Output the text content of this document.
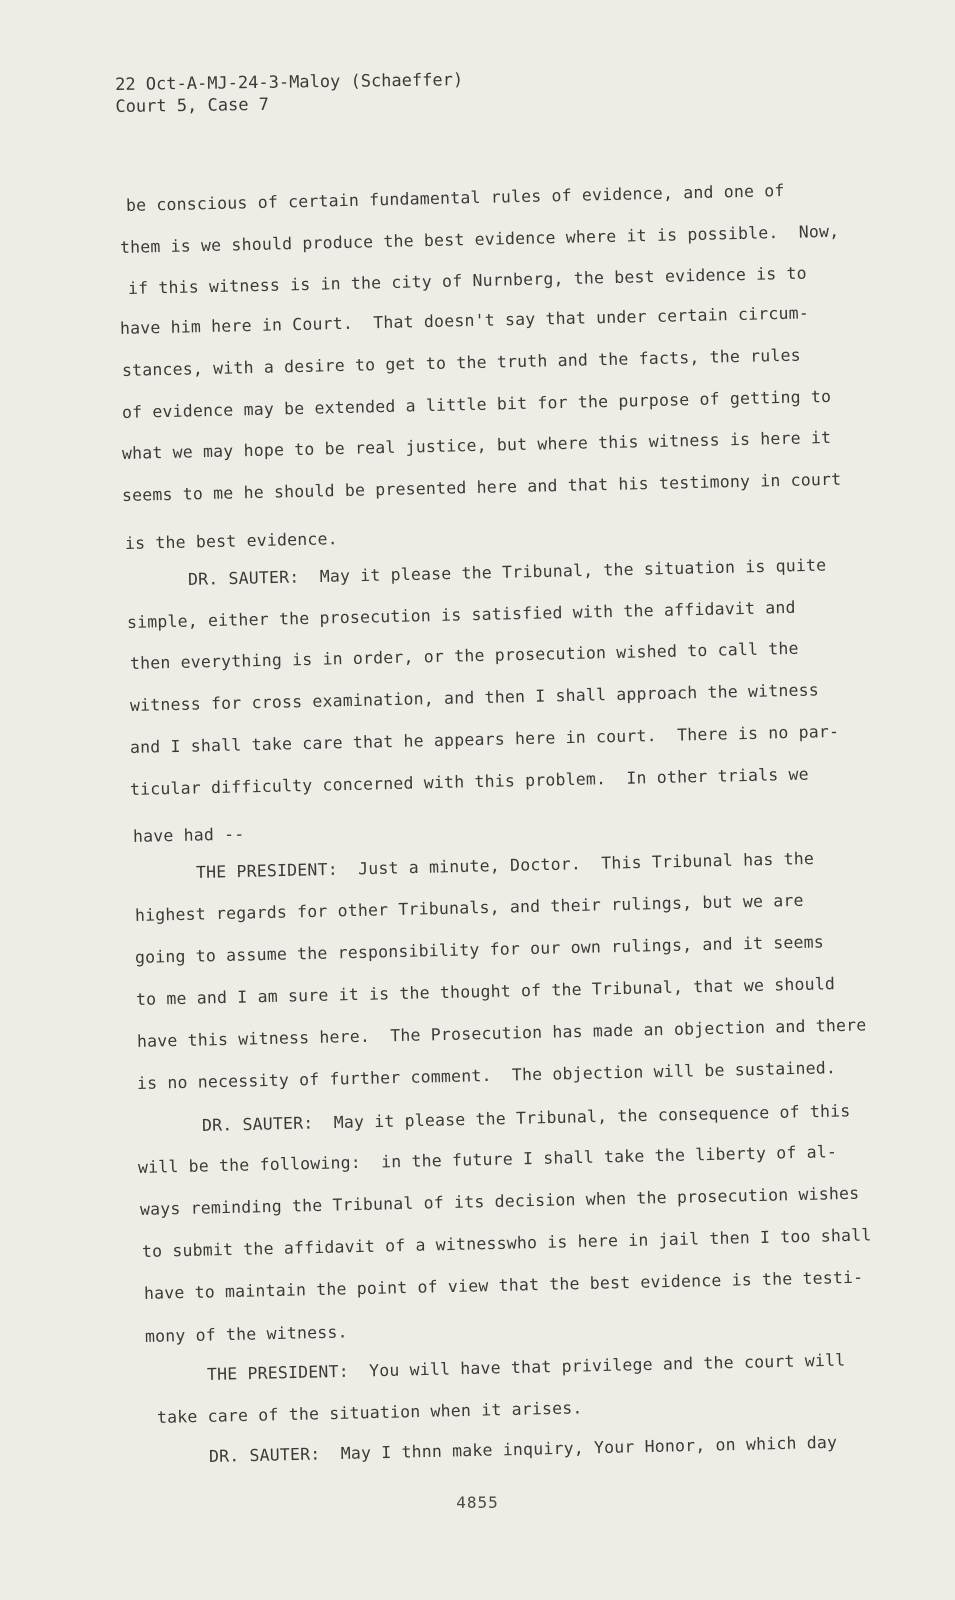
22 Oct-A-MJ-24-3-Maloy (Schaeffer)
Court 5, Case 7
be conscious of certain fundamental rules of evidence, and one of
them is we should produce the best evidence where it is possible.  Now,
if this witness is in the city of Nurnberg, the best evidence is to
have him here in Court.  That doesn't say that under certain circum-
stances, with a desire to get to the truth and the facts, the rules
of evidence may be extended a little bit for the purpose of getting to
what we may hope to be real justice, but where this witness is here it
seems to me he should be presented here and that his testimony in court
is the best evidence.
DR. SAUTER:  May it please the Tribunal, the situation is quite
simple, either the prosecution is satisfied with the affidavit and
then everything is in order, or the prosecution wished to call the
witness for cross examination, and then I shall approach the witness
and I shall take care that he appears here in court.  There is no par-
ticular difficulty concerned with this problem.  In other trials we
have had --
THE PRESIDENT:  Just a minute, Doctor.  This Tribunal has the
highest regards for other Tribunals, and their rulings, but we are
going to assume the responsibility for our own rulings, and it seems
to me and I am sure it is the thought of the Tribunal, that we should
have this witness here.  The Prosecution has made an objection and there
is no necessity of further comment.  The objection will be sustained.
DR. SAUTER:  May it please the Tribunal, the consequence of this
will be the following:  in the future I shall take the liberty of al-
ways reminding the Tribunal of its decision when the prosecution wishes
to submit the affidavit of a witnesswho is here in jail then I too shall
have to maintain the point of view that the best evidence is the testi-
mony of the witness.
THE PRESIDENT:  You will have that privilege and the court will
take care of the situation when it arises.
DR. SAUTER:  May I thnn make inquiry, Your Honor, on which day
4855
